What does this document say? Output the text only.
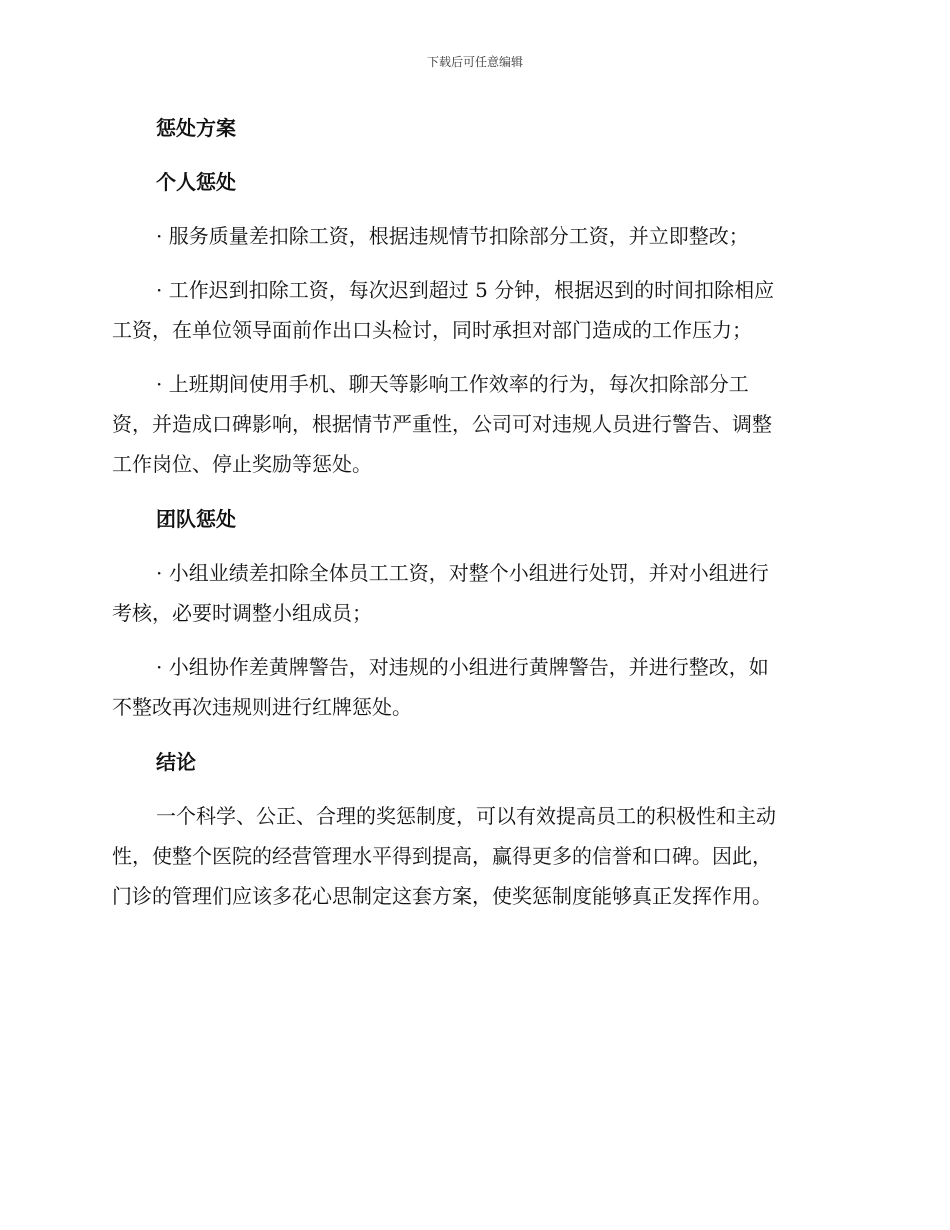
下载后可任意编辑
惩处方案
个人惩处

· 服务质量差扣除工资，根据违规情节扣除部分工资，并立即整改；

· 工作迟到扣除工资，每次迟到超过 5 分钟，根据迟到的时间扣除相应
工资，在单位领导面前作出口头检讨，同时承担对部门造成的工作压力；

· 上班期间使用手机、聊天等影响工作效率的行为，每次扣除部分工
资，并造成口碑影响，根据情节严重性，公司可对违规人员进行警告、调整
工作岗位、停止奖励等惩处。

团队惩处

· 小组业绩差扣除全体员工工资，对整个小组进行处罚，并对小组进行
考核，必要时调整小组成员；

· 小组协作差黄牌警告，对违规的小组进行黄牌警告，并进行整改，如
不整改再次违规则进行红牌惩处。

结论

一个科学、公正、合理的奖惩制度，可以有效提高员工的积极性和主动
性，使整个医院的经营管理水平得到提高，赢得更多的信誉和口碑。因此，
门诊的管理们应该多花心思制定这套方案，使奖惩制度能够真正发挥作用。
